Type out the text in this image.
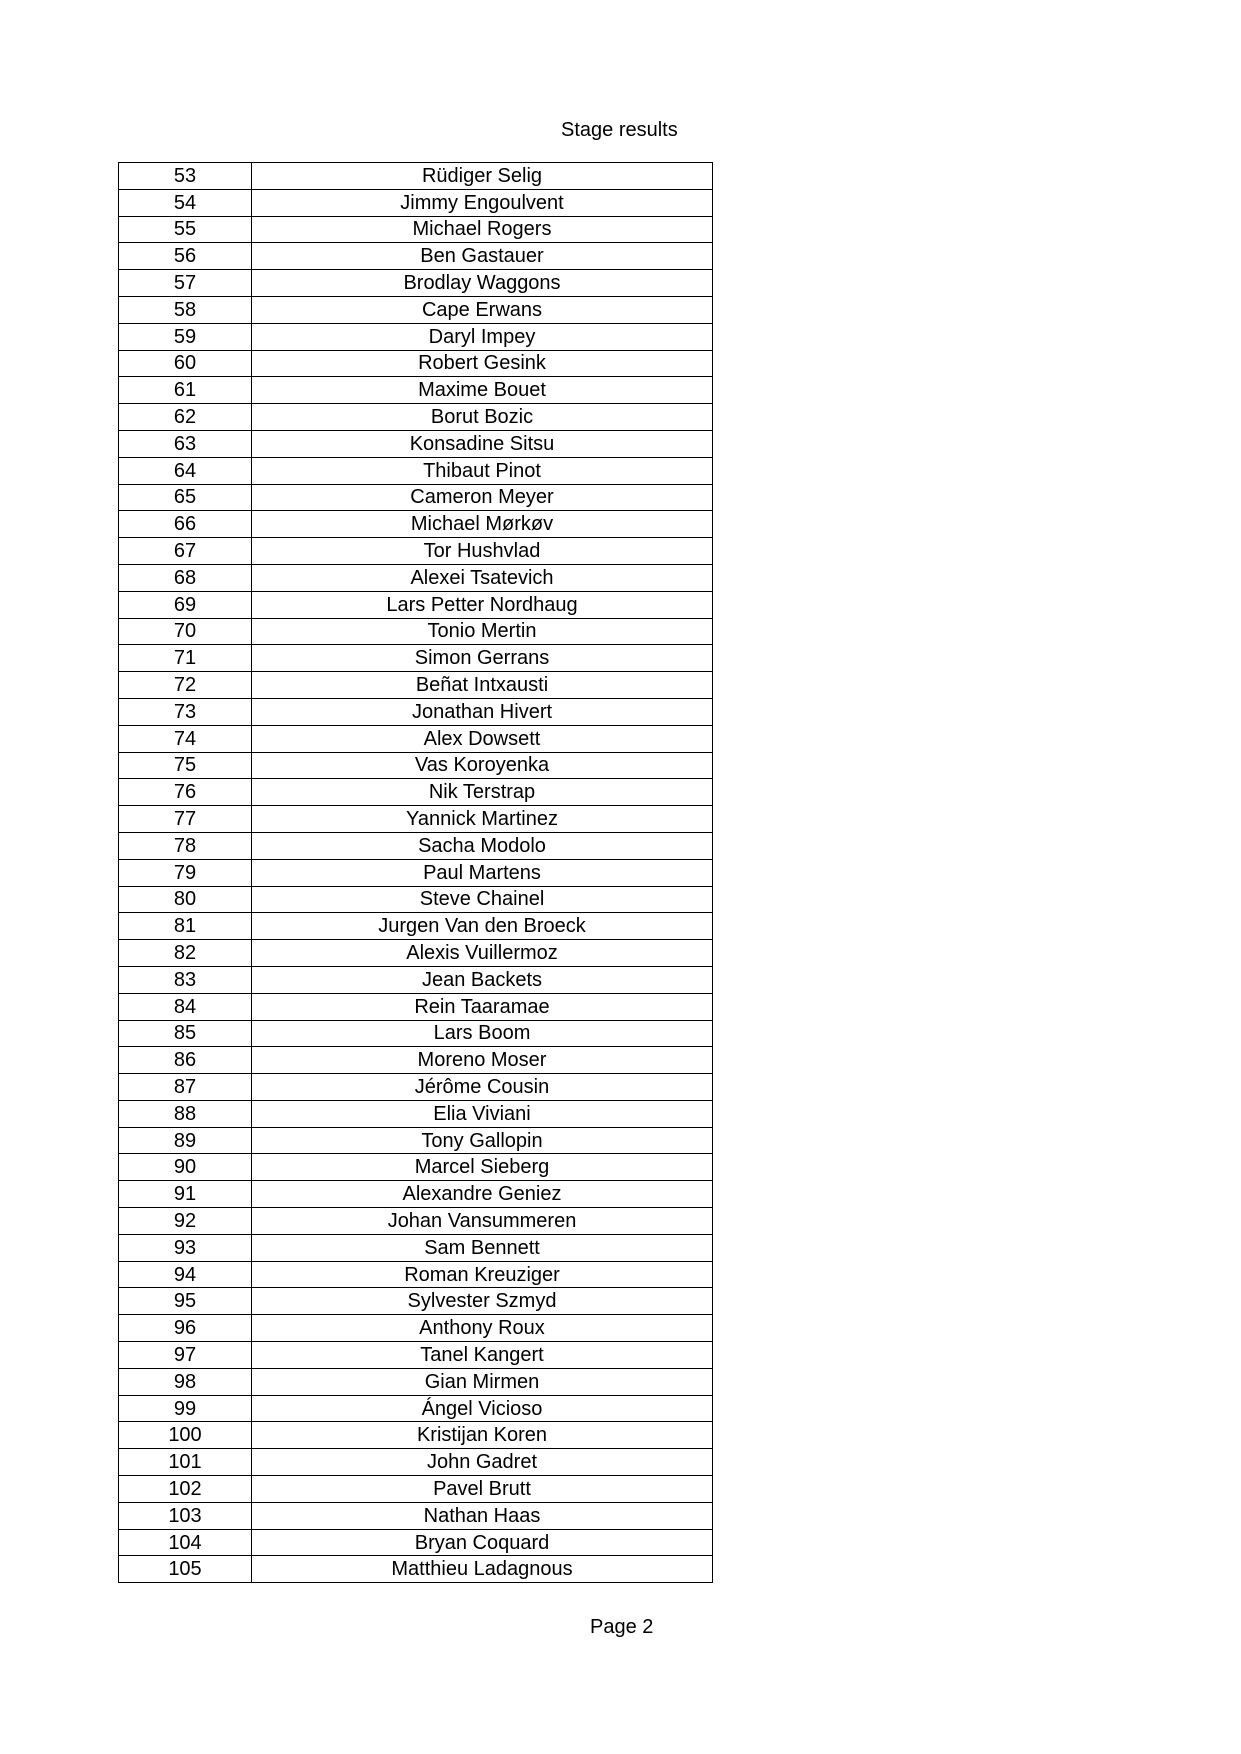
Stage results
53	Rüdiger Selig
54	Jimmy Engoulvent
55	Michael Rogers
56	Ben Gastauer
57	Brodlay Waggons
58	Cape Erwans
59	Daryl Impey
60	Robert Gesink
61	Maxime Bouet
62	Borut Bozic
63	Konsadine Sitsu
64	Thibaut Pinot
65	Cameron Meyer
66	Michael Mørkøv
67	Tor Hushvlad
68	Alexei Tsatevich
69	Lars Petter Nordhaug
70	Tonio Mertin
71	Simon Gerrans
72	Beñat Intxausti
73	Jonathan Hivert
74	Alex Dowsett
75	Vas Koroyenka
76	Nik Terstrap
77	Yannick Martinez
78	Sacha Modolo
79	Paul Martens
80	Steve Chainel
81	Jurgen Van den Broeck
82	Alexis Vuillermoz
83	Jean Backets
84	Rein Taaramae
85	Lars Boom
86	Moreno Moser
87	Jérôme Cousin
88	Elia Viviani
89	Tony Gallopin
90	Marcel Sieberg
91	Alexandre Geniez
92	Johan Vansummeren
93	Sam Bennett
94	Roman Kreuziger
95	Sylvester Szmyd
96	Anthony Roux
97	Tanel Kangert
98	Gian Mirmen
99	Ángel Vicioso
100	Kristijan Koren
101	John Gadret
102	Pavel Brutt
103	Nathan Haas
104	Bryan Coquard
105	Matthieu Ladagnous
Page 2
